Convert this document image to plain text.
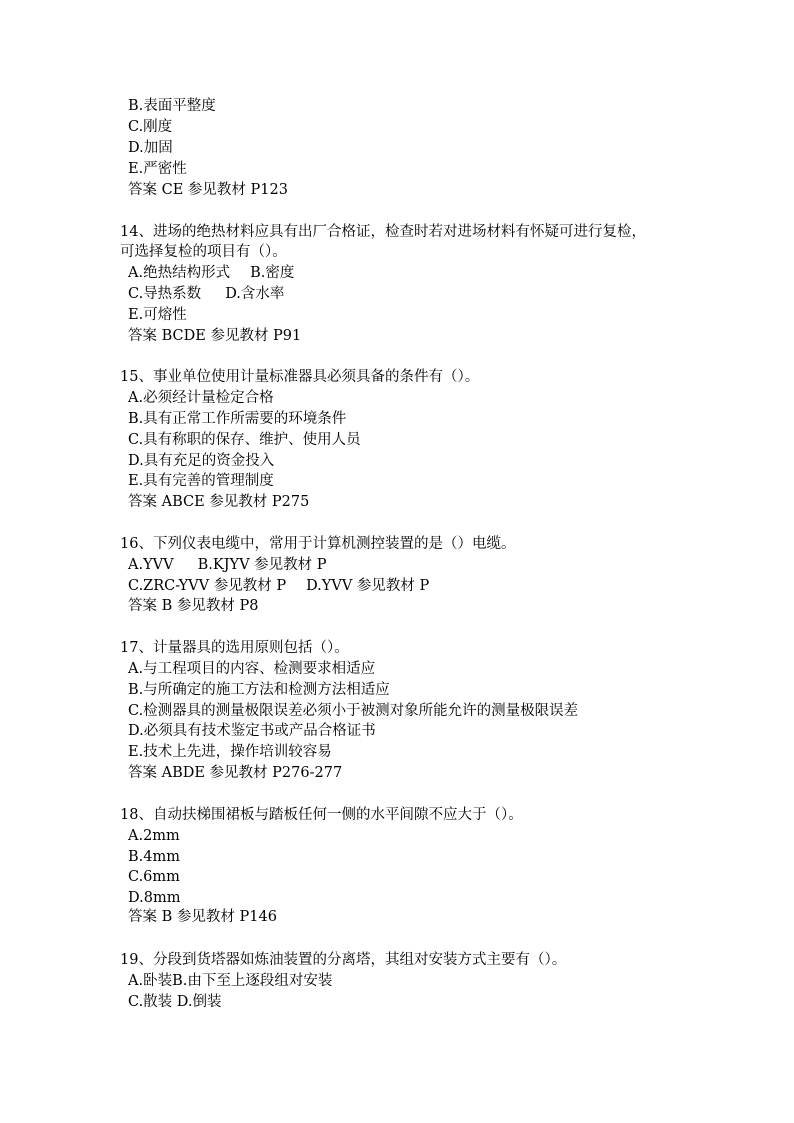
B.表面平整度
C.刚度
D.加固
E.严密性
答案 CE 参见教材 P123
14、进场的绝热材料应具有出厂合格证，检查时若对进场材料有怀疑可进行复检，
可选择复检的项目有（）。
A.绝热结构形式 B.密度
C.导热系数 D.含水率
E.可熔性
答案 BCDE 参见教材 P91
15、事业单位使用计量标准器具必须具备的条件有（）。
A.必须经计量检定合格
B.具有正常工作所需要的环境条件
C.具有称职的保存、维护、使用人员
D.具有充足的资金投入
E.具有完善的管理制度
答案 ABCE 参见教材 P275
16、下列仪表电缆中，常用于计算机测控装置的是（）电缆。
A.YVV B.KJYV 参见教材 P
C.ZRC-YVV 参见教材 P D.YVV 参见教材 P
答案 B 参见教材 P8
17、计量器具的选用原则包括（）。
A.与工程项目的内容、检测要求相适应
B.与所确定的施工方法和检测方法相适应
C.检测器具的测量极限误差必须小于被测对象所能允许的测量极限误差
D.必须具有技术鉴定书或产品合格证书
E.技术上先进，操作培训较容易
答案 ABDE 参见教材 P276-277
18、自动扶梯围裙板与踏板任何一侧的水平间隙不应大于（）。
A.2mm
B.4mm
C.6mm
D.8mm
答案 B 参见教材 P146
19、分段到货塔器如炼油装置的分离塔，其组对安装方式主要有（）。
A.卧装B.由下至上逐段组对安装
C.散装 D.倒装
